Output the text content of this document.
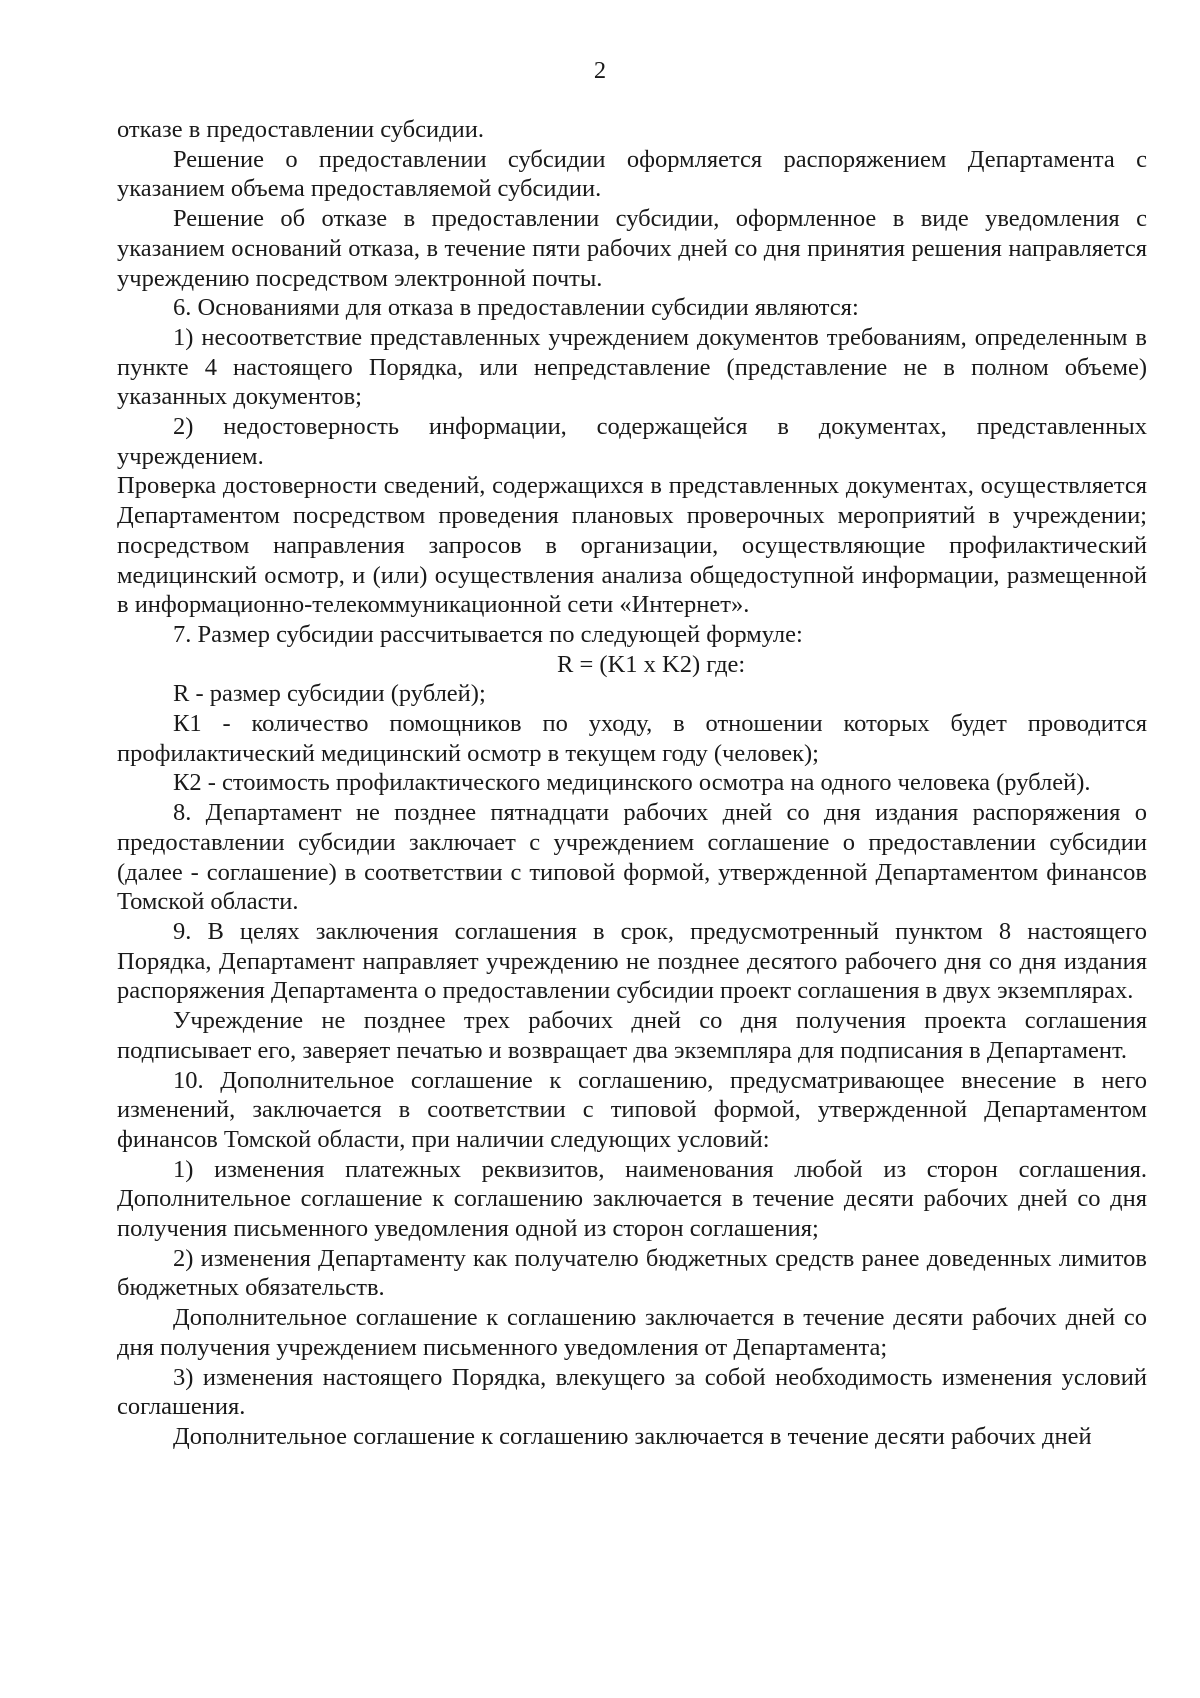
2

отказе в предоставлении субсидии.

Решение о предоставлении субсидии оформляется распоряжением Департамента с указанием объема предоставляемой субсидии.

Решение об отказе в предоставлении субсидии, оформленное в виде уведомления с указанием оснований отказа, в течение пяти рабочих дней со дня принятия решения направляется учреждению посредством электронной почты.

6. Основаниями для отказа в предоставлении субсидии являются:

1) несоответствие представленных учреждением документов требованиям, определенным в пункте 4 настоящего Порядка, или непредставление (представление не в полном объеме) указанных документов;

2) недостоверность информации, содержащейся в документах, представленных учреждением.

Проверка достоверности сведений, содержащихся в представленных документах, осуществляется Департаментом посредством проведения плановых проверочных мероприятий в учреждении; посредством направления запросов в организации, осуществляющие профилактический медицинский осмотр, и (или) осуществления анализа общедоступной информации, размещенной в информационно-телекоммуникационной сети «Интернет».

7. Размер субсидии рассчитывается по следующей формуле:

R = (K1 x K2) где:

R - размер субсидии (рублей);

К1 - количество помощников по уходу, в отношении которых будет проводится профилактический медицинский осмотр в текущем году (человек);

К2 - стоимость профилактического медицинского осмотра на одного человека (рублей).

8. Департамент не позднее пятнадцати рабочих дней со дня издания распоряжения о предоставлении субсидии заключает с учреждением соглашение о предоставлении субсидии (далее - соглашение) в соответствии с типовой формой, утвержденной Департаментом финансов Томской области.

9. В целях заключения соглашения в срок, предусмотренный пунктом 8 настоящего Порядка, Департамент направляет учреждению не позднее десятого рабочего дня со дня издания распоряжения Департамента о предоставлении субсидии проект соглашения в двух экземплярах.

Учреждение не позднее трех рабочих дней со дня получения проекта соглашения подписывает его, заверяет печатью и возвращает два экземпляра для подписания в Департамент.

10. Дополнительное соглашение к соглашению, предусматривающее внесение в него изменений, заключается в соответствии с типовой формой, утвержденной Департаментом финансов Томской области, при наличии следующих условий:

1) изменения платежных реквизитов, наименования любой из сторон соглашения. Дополнительное соглашение к соглашению заключается в течение десяти рабочих дней со дня получения письменного уведомления одной из сторон соглашения;

2) изменения Департаменту как получателю бюджетных средств ранее доведенных лимитов бюджетных обязательств.

Дополнительное соглашение к соглашению заключается в течение десяти рабочих дней со дня получения учреждением письменного уведомления от Департамента;

3) изменения настоящего Порядка, влекущего за собой необходимость изменения условий соглашения.

Дополнительное соглашение к соглашению заключается в течение десяти рабочих дней
